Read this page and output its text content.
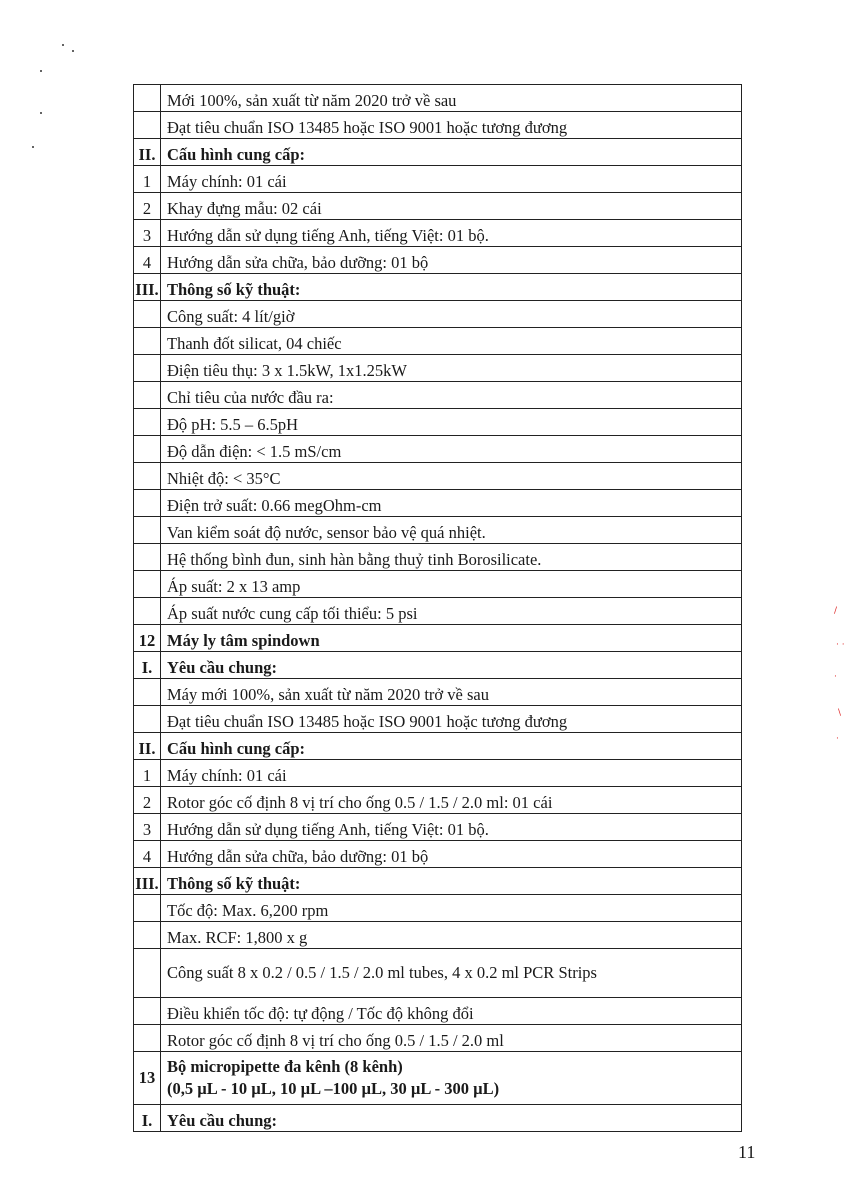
/
· ·
·
\
·
	Mới 100%, sản xuất từ năm 2020 trở về sau
	Đạt tiêu chuẩn ISO 13485 hoặc ISO 9001 hoặc tương đương
II.	Cấu hình cung cấp:
1	Máy chính: 01 cái
2	Khay đựng mẫu: 02 cái
3	Hướng dẫn sử dụng tiếng Anh, tiếng Việt: 01 bộ.
4	Hướng dẫn sửa chữa, bảo dưỡng: 01 bộ
III.	Thông số kỹ thuật:
	Công suất: 4 lít/giờ
	Thanh đốt silicat, 04 chiếc
	Điện tiêu thụ: 3 x 1.5kW, 1x1.25kW
	Chỉ tiêu của nước đầu ra:
	Độ pH: 5.5 – 6.5pH
	Độ dẫn điện: < 1.5 mS/cm
	Nhiệt độ: < 35°C
	Điện trở suất: 0.66 megOhm-cm
	Van kiểm soát độ nước, sensor bảo vệ quá nhiệt.
	Hệ thống bình đun, sinh hàn bằng thuỷ tinh Borosilicate.
	Áp suất: 2 x 13 amp
	Áp suất nước cung cấp tối thiểu: 5 psi
12	Máy ly tâm spindown
I.	Yêu cầu chung:
	Máy mới 100%, sản xuất từ năm 2020 trở về sau
	Đạt tiêu chuẩn ISO 13485 hoặc ISO 9001 hoặc tương đương
II.	Cấu hình cung cấp:
1	Máy chính: 01 cái
2	Rotor góc cố định 8 vị trí cho ống 0.5 / 1.5 / 2.0 ml: 01 cái
3	Hướng dẫn sử dụng tiếng Anh, tiếng Việt: 01 bộ.
4	Hướng dẫn sửa chữa, bảo dưỡng: 01 bộ
III.	Thông số kỹ thuật:
	Tốc độ: Max. 6,200 rpm
	Max. RCF: 1,800 x g
	Công suất 8 x 0.2 / 0.5 / 1.5 / 2.0 ml tubes, 4 x 0.2 ml PCR Strips
	Điều khiển tốc độ: tự động / Tốc độ không đổi
	Rotor góc cố định 8 vị trí cho ống 0.5 / 1.5 / 2.0 ml
13	Bộ micropipette đa kênh (8 kênh)
(0,5 µL - 10 µL, 10 µL –100 µL, 30 µL - 300 µL)

I.	Yêu cầu chung:
11
